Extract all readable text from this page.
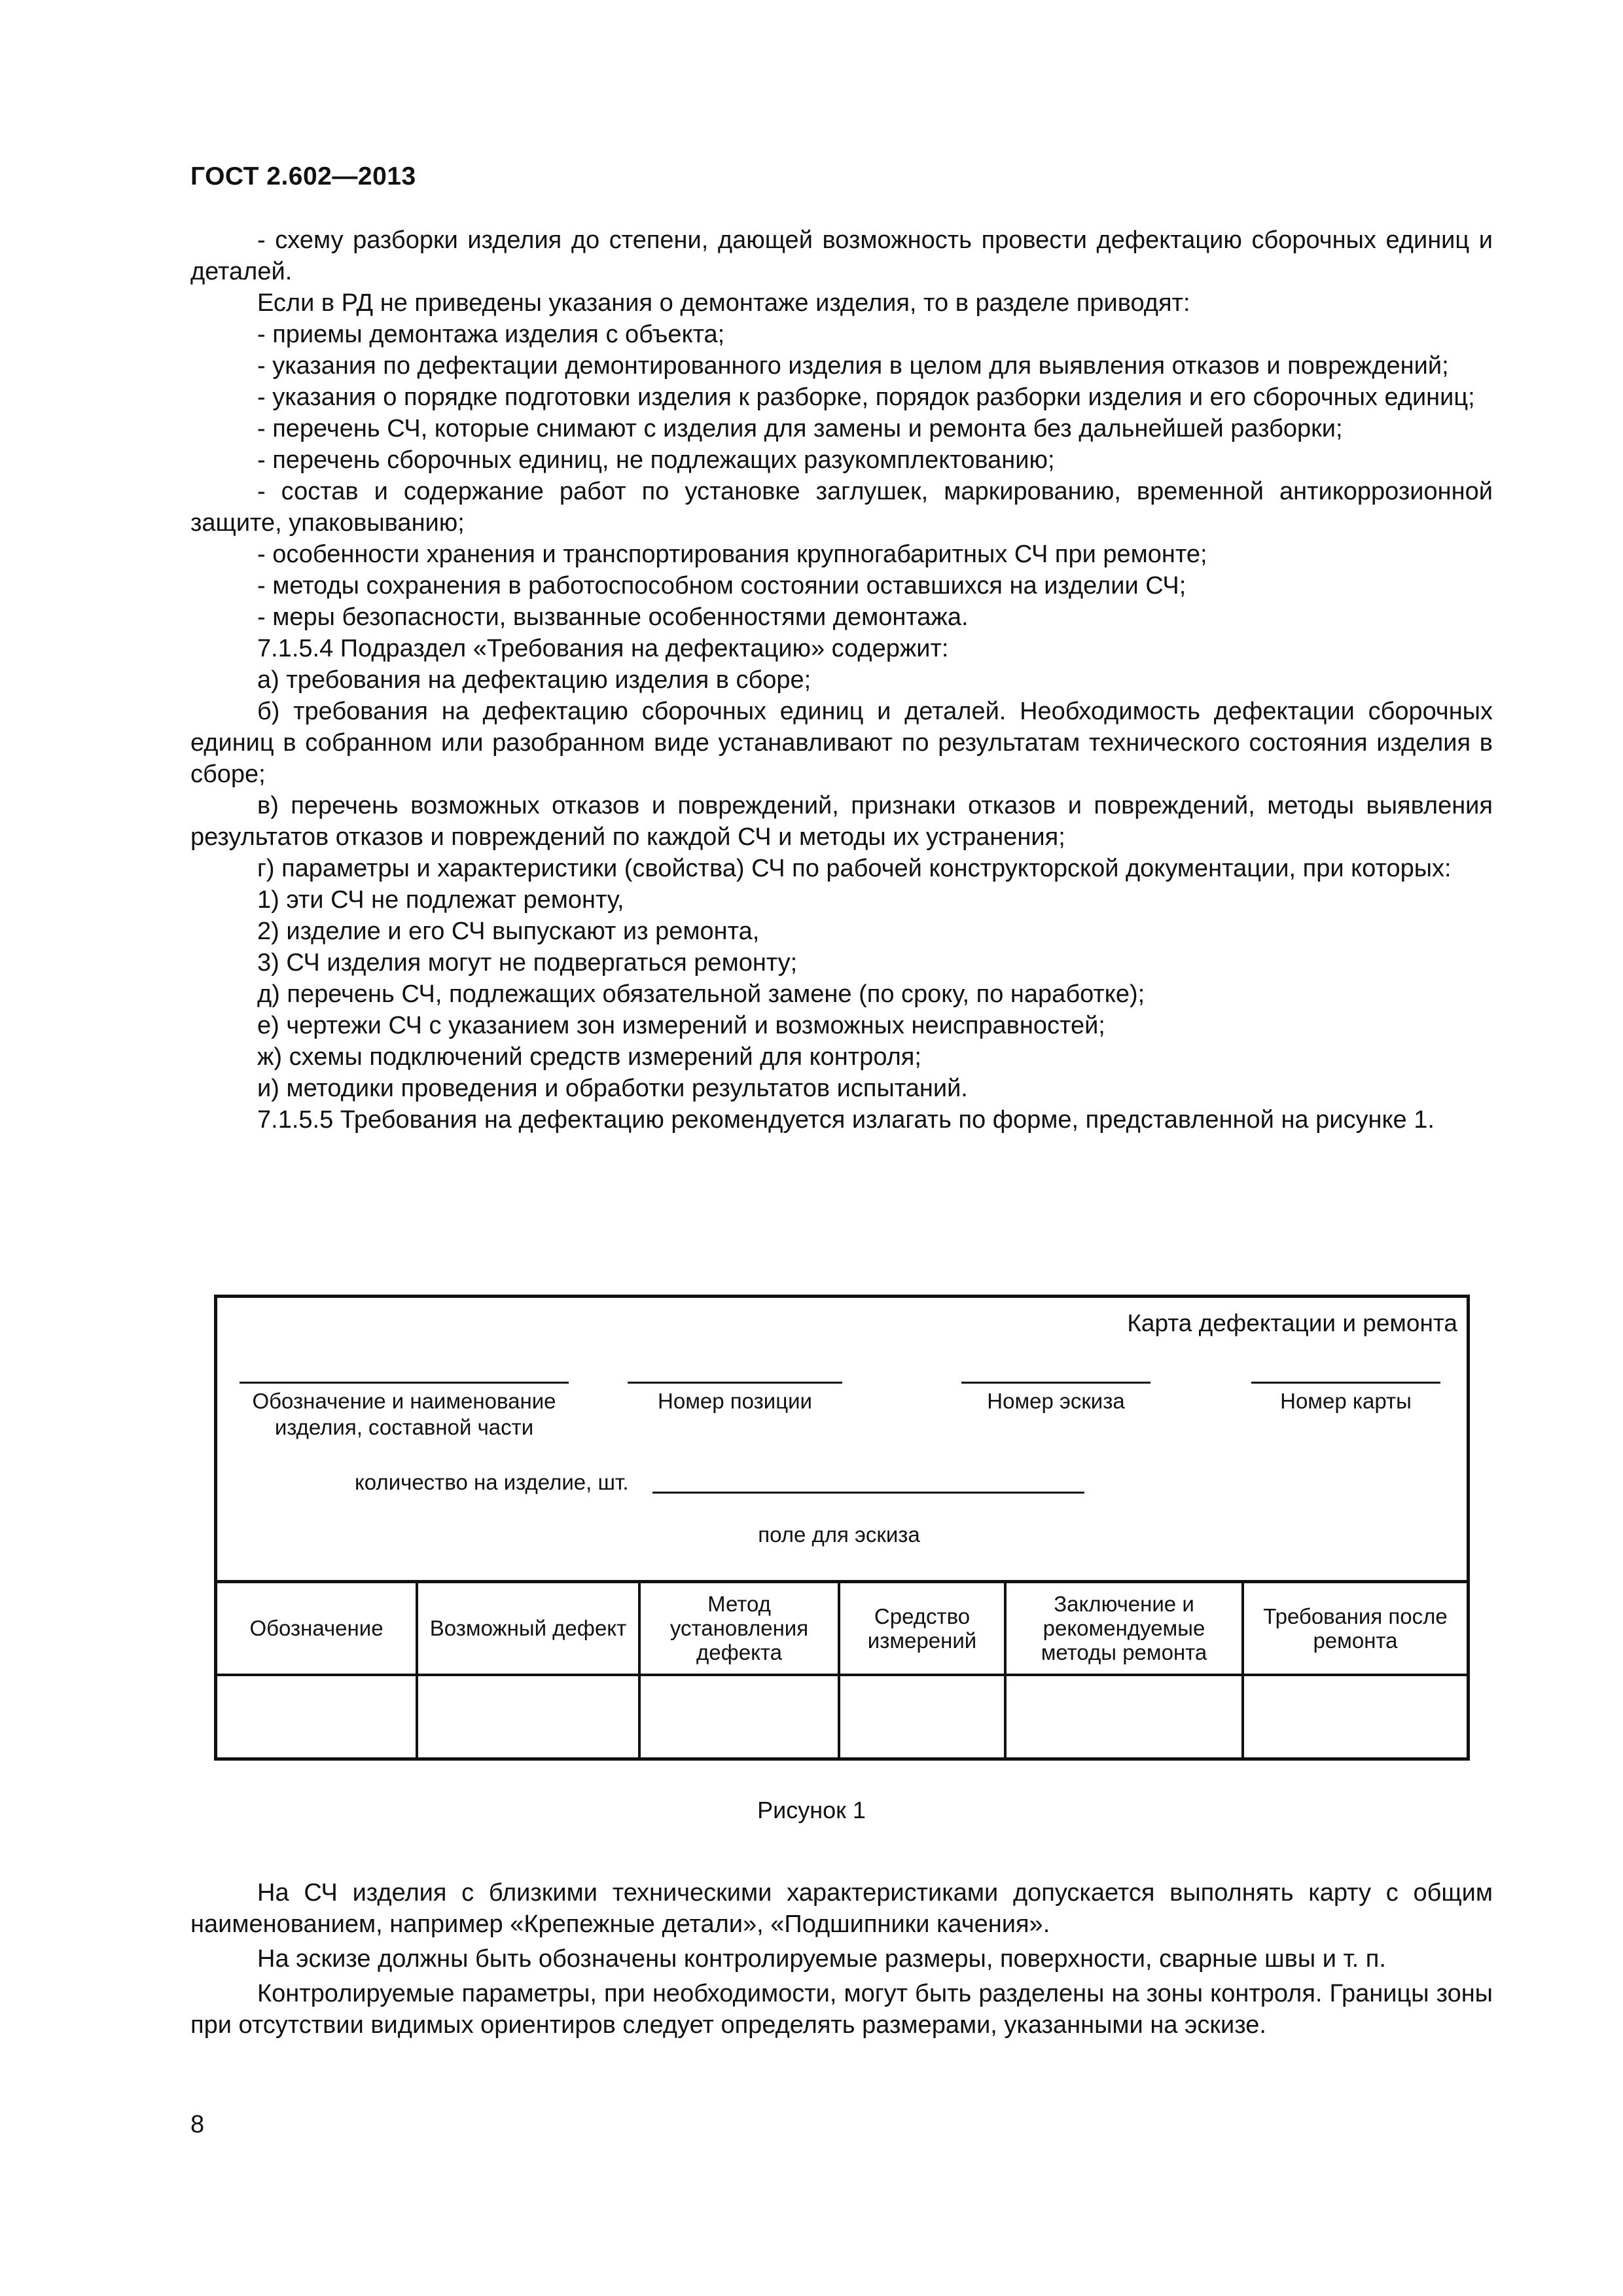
ГОСТ 2.602—2013

- схему разборки изделия до степени, дающей возможность провести дефектацию сборочных единиц и деталей.

Если в РД не приведены указания о демонтаже изделия, то в разделе приводят:

- приемы демонтажа изделия с объекта;

- указания по дефектации демонтированного изделия в целом для выявления отказов и повреждений;

- указания о порядке подготовки изделия к разборке, порядок разборки изделия и его сборочных единиц;

- перечень СЧ, которые снимают с изделия для замены и ремонта без дальнейшей разборки;

- перечень сборочных единиц, не подлежащих разукомплектованию;

- состав и содержание работ по установке заглушек, маркированию, временной антикоррозионной защите, упаковыванию;

- особенности хранения и транспортирования крупногабаритных СЧ при ремонте;

- методы сохранения в работоспособном состоянии оставшихся на изделии СЧ;

- меры безопасности, вызванные особенностями демонтажа.

7.1.5.4 Подраздел «Требования на дефектацию» содержит:

а) требования на дефектацию изделия в сборе;

б) требования на дефектацию сборочных единиц и деталей. Необходимость дефектации сборочных единиц в собранном или разобранном виде устанавливают по результатам технического состояния изделия в сборе;

в) перечень возможных отказов и повреждений, признаки отказов и повреждений, методы выявления результатов отказов и повреждений по каждой СЧ и методы их устранения;

г) параметры и характеристики (свойства) СЧ по рабочей конструкторской документации, при которых:

1) эти СЧ не подлежат ремонту,

2) изделие и его СЧ выпускают из ремонта,

3) СЧ изделия могут не подвергаться ремонту;

д) перечень СЧ, подлежащих обязательной замене (по сроку, по наработке);

е) чертежи СЧ с указанием зон измерений и возможных неисправностей;

ж) схемы подключений средств измерений для контроля;

и) методики проведения и обработки результатов испытаний.

7.1.5.5 Требования на дефектацию рекомендуется излагать по форме, представленной на рисунке 1.

Карта дефектации и ремонта
Обозначение и наименование
изделия, составной части
Номер позиции	Номер эскиза	Номер карты
количество на изделие, шт.
поле для эскиза
Обозначение	Возможный дефект	Метод установления дефекта	Средство измерений	Заключение и рекомендуемые методы ремонта	Требования после ремонта

Рисунок 1

На СЧ изделия с близкими техническими характеристиками допускается выполнять карту с общим наименованием, например «Крепежные детали», «Подшипники качения».

На эскизе должны быть обозначены контролируемые размеры, поверхности, сварные швы и т. п.

Контролируемые параметры, при необходимости, могут быть разделены на зоны контроля. Границы зоны при отсутствии видимых ориентиров следует определять размерами, указанными на эскизе.

8
